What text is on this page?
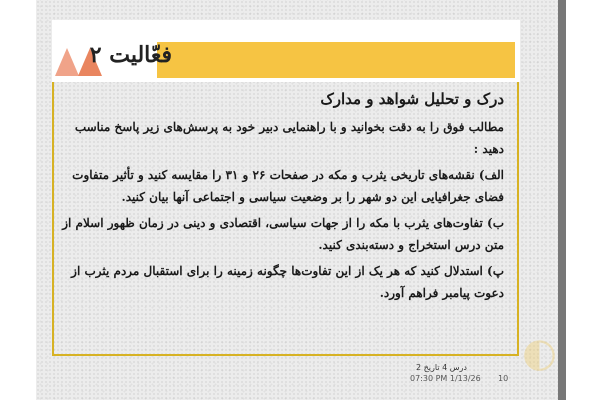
فعّالیت ۲
درک و تحلیل شواهد و مدارک
مطالب فوق را به دقت بخوانید و با راهنمایی دبیر خود به پرسش‌های زیر پاسخ مناسب دهید :
الف) نقشه‌های تاریخی یثرب و مکه در صفحات ۲۶ و ۳۱ را مقایسه کنید و تأثیر متفاوت فضای جغرافیایی این دو شهر را بر وضعیت سیاسی و اجتماعی آنها بیان کنید.
ب) تفاوت‌های یثرب با مکه را از جهات سیاسی، اقتصادی و دینی در زمان ظهور اسلام از متن درس استخراج و دسته‌بندی کنید.
پ) استدلال کنید که هر یک از این تفاوت‌ها چگونه زمینه را برای استقبال مردم یثرب از دعوت پیامبر فراهم آورد.
درس 4 تاریخ 2
07:30 PM 1/13/26 10
◐
